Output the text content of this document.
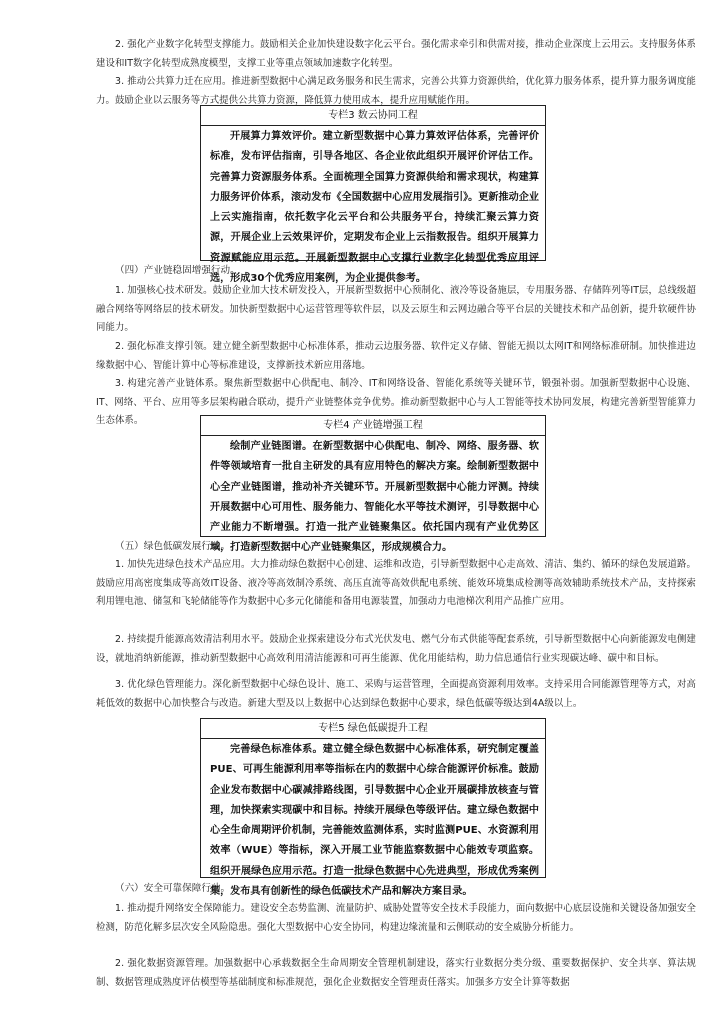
2. 强化产业数字化转型支撑能力。鼓励相关企业加快建设数字化云平台。强化需求牵引和供需对接，推动企业深度上云用云。支持服务体系建设和IT数字化转型成熟度模型，支撑工业等重点领域加速数字化转型。

3. 推动公共算力迁在应用。推进新型数据中心满足政务服务和民生需求，完善公共算力资源供给，优化算力服务体系，提升算力服务调度能力。鼓励企业以云服务等方式提供公共算力资源，降低算力使用成本，提升应用赋能作用。

专栏3 数云协同工程

开展算力算效评价。建立新型数据中心算力算效评估体系，完善评价标准，发布评估指南，引导各地区、各企业依此组织开展评价评估工作。完善算力资源服务体系。全面梳理全国算力资源供给和需求现状，构建算力服务评价体系，滚动发布《全国数据中心应用发展指引》。更新推动企业上云实施指南，依托数字化云平台和公共服务平台，持续汇聚云算力资源，开展企业上云效果评价，定期发布企业上云指数报告。组织开展算力资源赋能应用示范。开展新型数据中心支撑行业数字化转型优秀应用评选，形成30个优秀应用案例，为企业提供参考。

（四）产业链稳固增强行动。

1. 加强核心技术研发。鼓励企业加大技术研发投入，开展新型数据中心预制化、液冷等设备施层，专用服务器、存储阵列等IT层，总线级超融合网络等网络层的技术研发。加快新型数据中心运营管理等软件层，以及云原生和云网边融合等平台层的关键技术和产品创新，提升软硬件协同能力。

2. 强化标准支撑引领。建立健全新型数据中心标准体系，推动云边服务器、软件定义存储、智能无损以太网IT和网络标准研制。加快推进边缘数据中心、智能计算中心等标准建设，支撑新技术新应用落地。

3. 构建完善产业链体系。聚焦新型数据中心供配电、制冷、IT和网络设备、智能化系统等关键环节，锻强补弱。加强新型数据中心设施、IT、网络、平台、应用等多层架构融合联动，提升产业链整体竞争优势。推动新型数据中心与人工智能等技术协同发展，构建完善新型智能算力生态体系。	专栏4 产业链增强工程

绘制产业链图谱。在新型数据中心供配电、制冷、网络、服务器、软件等领域培育一批自主研发的具有应用特色的解决方案。绘制新型数据中心全产业链图谱，推动补齐关键环节。开展新型数据中心能力评测。持续开展数据中心可用性、服务能力、智能化水平等技术测评，引导数据中心产业能力不断增强。打造一批产业链聚集区。依托国内现有产业优势区域，打造新型数据中心产业链聚集区，形成规模合力。

（五）绿色低碳发展行动。

1. 加快先进绿色技术产品应用。大力推动绿色数据中心创建、运维和改造，引导新型数据中心走高效、清洁、集约、循环的绿色发展道路。鼓励应用高密度集成等高效IT设备、液冷等高效制冷系统、高压直流等高效供配电系统、能效环境集成检测等高效辅助系统技术产品，支持探索利用锂电池、储氢和飞轮储能等作为数据中心多元化储能和备用电源装置，加强动力电池梯次利用产品推广应用。

2. 持续提升能源高效清洁利用水平。鼓励企业探索建设分布式光伏发电、燃气分布式供能等配套系统，引导新型数据中心向新能源发电侧建设，就地消纳新能源，推动新型数据中心高效利用清洁能源和可再生能源、优化用能结构，助力信息通信行业实现碳达峰、碳中和目标。

3. 优化绿色管理能力。深化新型数据中心绿色设计、施工、采购与运营管理，全面提高资源利用效率。支持采用合同能源管理等方式，对高耗低效的数据中心加快整合与改造。新建大型及以上数据中心达到绿色数据中心要求，绿色低碳等级达到4A级以上。

专栏5 绿色低碳提升工程

完善绿色标准体系。建立健全绿色数据中心标准体系，研究制定覆盖PUE、可再生能源利用率等指标在内的数据中心综合能源评价标准。鼓励企业发布数据中心碳减排路线图，引导数据中心企业开展碳排放核查与管理，加快探索实现碳中和目标。持续开展绿色等级评估。建立绿色数据中心全生命周期评价机制，完善能效监测体系，实时监测PUE、水资源利用效率（WUE）等指标，深入开展工业节能监察数据中心能效专项监察。组织开展绿色应用示范。打造一批绿色数据中心先进典型，形成优秀案例集，发布具有创新性的绿色低碳技术产品和解决方案目录。

（六）安全可靠保障行动。

1. 推动提升网络安全保障能力。建设安全态势监测、流量防护、威胁处置等安全技术手段能力，面向数据中心底层设施和关键设备加强安全检测，防范化解多层次安全风险隐患。强化大型数据中心安全协同，构建边缘流量和云侧联动的安全威胁分析能力。

2. 强化数据资源管理。加强数据中心承载数据全生命周期安全管理机制建设，落实行业数据分类分级、重要数据保护、安全共享、算法规制、数据管理成熟度评估模型等基础制度和标准规范，强化企业数据安全管理责任落实。加强多方安全计算等数据
